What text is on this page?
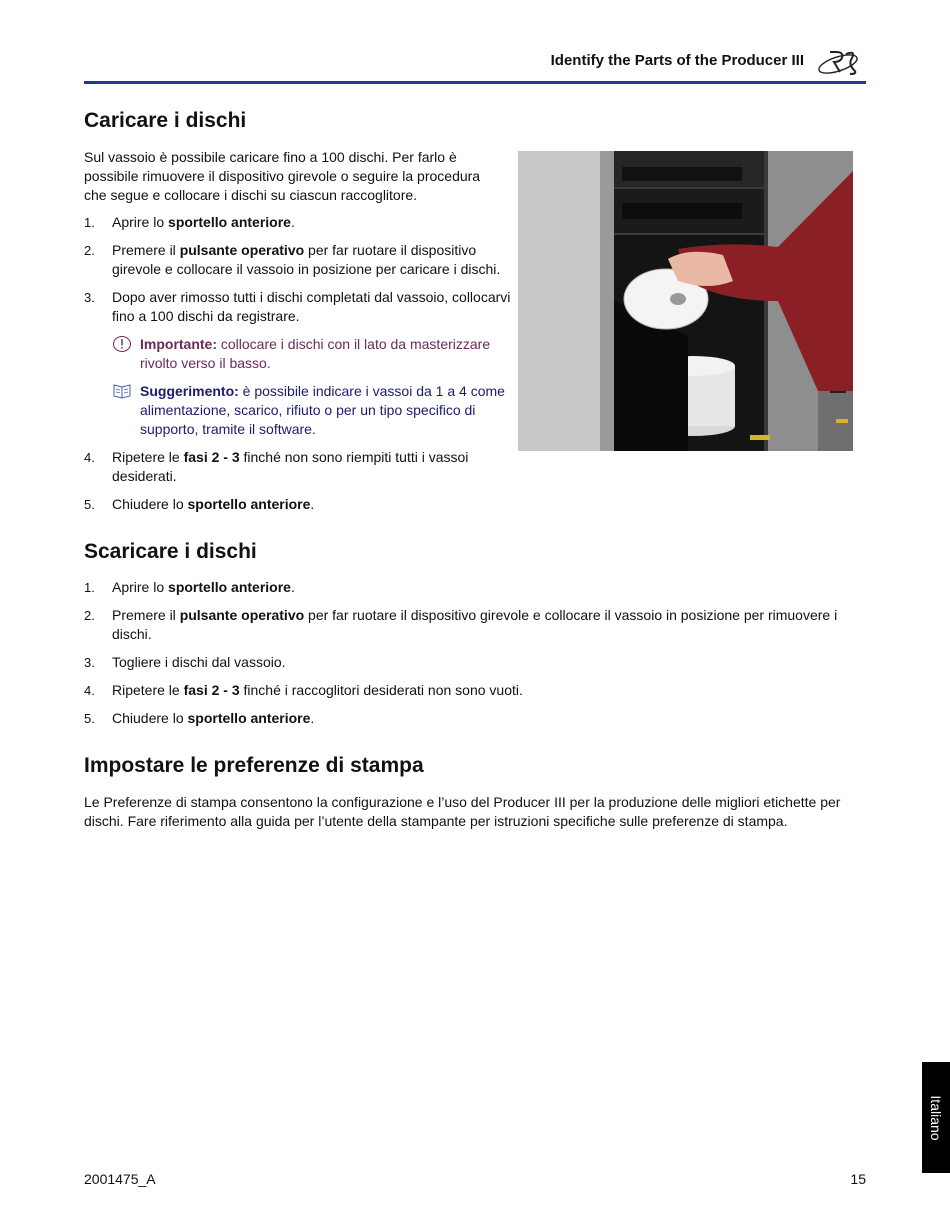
Identify the Parts of the Producer III
Caricare i dischi

Sul vassoio è possibile caricare fino a 100 dischi. Per farlo è possibile rimuovere il dispositivo girevole o seguire la procedura che segue e collocare i dischi su ciascun raccoglitore.

1. Aprire lo sportello anteriore.
2. Premere il pulsante operativo per far ruotare il dispositivo girevole e collocare il vassoio in posizione per caricare i dischi.
3. Dopo aver rimosso tutti i dischi completati dal vassoio, collocarvi fino a 100 dischi da registrare.
Importante: collocare i dischi con il lato da masterizzare rivolto verso il basso.
Suggerimento: è possibile indicare i vassoi da 1 a 4 come alimentazione, scarico, rifiuto o per un tipo specifico di supporto, tramite il software.
4. Ripetere le fasi 2 - 3 finché non sono riempiti tutti i vassoi desiderati.
5. Chiudere lo sportello anteriore.
Scaricare i dischi
1. Aprire lo sportello anteriore.
2. Premere il pulsante operativo per far ruotare il dispositivo girevole e collocare il vassoio in posizione per rimuovere i dischi.
3. Togliere i dischi dal vassoio.
4. Ripetere le fasi 2 - 3 finché i raccoglitori desiderati non sono vuoti.
5. Chiudere lo sportello anteriore.
Impostare le preferenze di stampa

Le Preferenze di stampa consentono la configurazione e l’uso del Producer III per la produzione delle migliori etichette per dischi. Fare riferimento alla guida per l’utente della stampante per istruzioni specifiche sulle preferenze di stampa.

Italiano
2001475_A	15
